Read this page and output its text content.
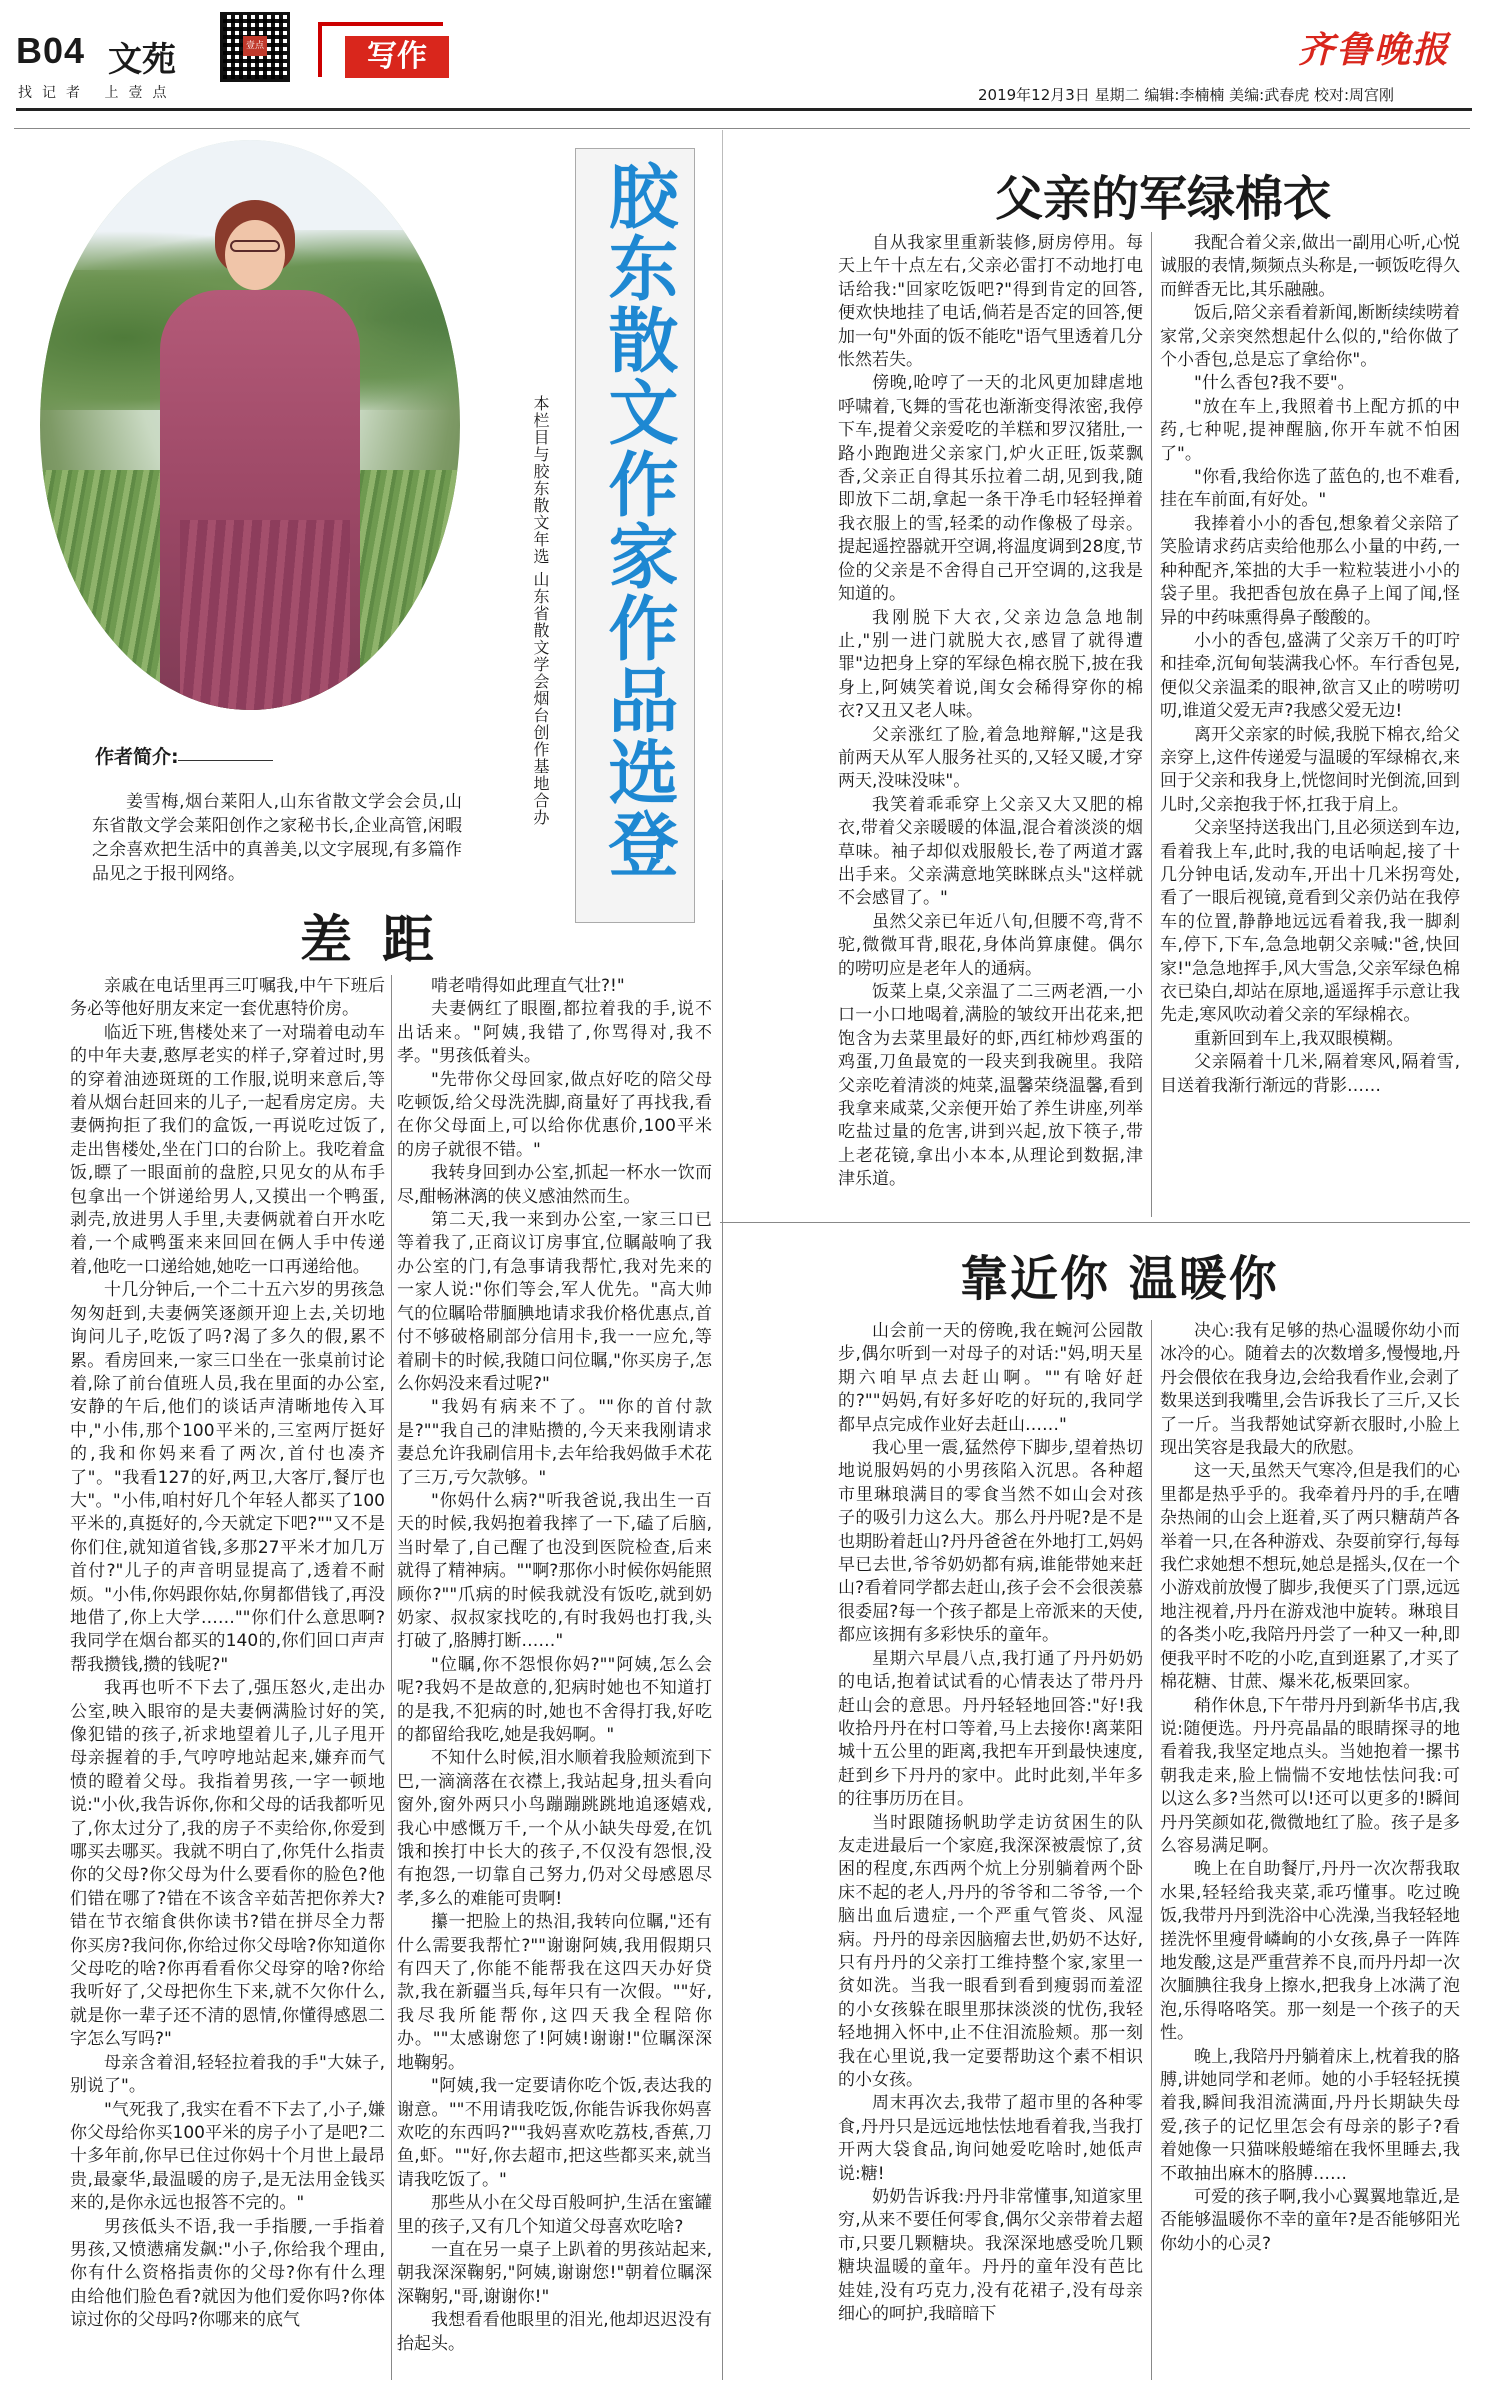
B04 文苑
找记者 上壹点
壹点	写作	齐鲁晚报
2019年12月3日 星期二 编辑:李楠楠 美编:武春虎 校对:周宫刚
作者简介:
姜雪梅,烟台莱阳人,山东省散文学会会员,山东省散文学会莱阳创作之家秘书长,企业高管,闲暇之余喜欢把生活中的真善美,以文字展现,有多篇作品见之于报刊网络。
本栏目与胶东散文年选 山东省散文学会烟台创作基地合办 胶东散文作家作品选登	父亲的军绿棉衣
差距
靠近你 温暖你

自从我家里重新装修,厨房停用。每天上午十点左右,父亲必雷打不动地打电话给我:"回家吃饭吧?"得到肯定的回答,便欢快地挂了电话,倘若是否定的回答,便加一句"外面的饭不能吃"语气里透着几分怅然若失。

傍晚,呛哼了一天的北风更加肆虐地呼啸着,飞舞的雪花也渐渐变得浓密,我停下车,提着父亲爱吃的羊糕和罗汉猪肚,一路小跑跑进父亲家门,炉火正旺,饭菜飘香,父亲正自得其乐拉着二胡,见到我,随即放下二胡,拿起一条干净毛巾轻轻掸着我衣服上的雪,轻柔的动作像极了母亲。提起遥控器就开空调,将温度调到28度,节俭的父亲是不舍得自己开空调的,这我是知道的。

我刚脱下大衣,父亲边急急地制止,"别一进门就脱大衣,感冒了就得遭罪"边把身上穿的军绿色棉衣脱下,披在我身上,阿姨笑着说,闺女会稀得穿你的棉衣?又丑又老人味。

父亲涨红了脸,着急地辩解,"这是我前两天从军人服务社买的,又轻又暖,才穿两天,没味没味"。

我笑着乖乖穿上父亲又大又肥的棉衣,带着父亲暖暖的体温,混合着淡淡的烟草味。袖子却似戏服般长,卷了两道才露出手来。父亲满意地笑眯眯点头"这样就不会感冒了。"

虽然父亲已年近八旬,但腰不弯,背不驼,微微耳背,眼花,身体尚算康健。偶尔的唠叨应是老年人的通病。

饭菜上桌,父亲温了二三两老酒,一小口一小口地喝着,满脸的皱纹开出花来,把饱含为去菜里最好的虾,西红柿炒鸡蛋的鸡蛋,刀鱼最宽的一段夹到我碗里。我陪父亲吃着清淡的炖菜,温馨荣绕温馨,看到我拿来咸菜,父亲便开始了养生讲座,列举吃盐过量的危害,讲到兴起,放下筷子,带上老花镜,拿出小本本,从理论到数据,津津乐道。

我配合着父亲,做出一副用心听,心悦诚服的表情,频频点头称是,一顿饭吃得久而鲜香无比,其乐融融。

饭后,陪父亲看着新闻,断断续续唠着家常,父亲突然想起什么似的,"给你做了个小香包,总是忘了拿给你"。

"什么香包?我不要"。

"放在车上,我照着书上配方抓的中药,七种呢,提神醒脑,你开车就不怕困了"。

"你看,我给你选了蓝色的,也不难看,挂在车前面,有好处。"

我捧着小小的香包,想象着父亲陪了笑脸请求药店卖给他那么小量的中药,一种种配齐,笨拙的大手一粒粒装进小小的袋子里。我把香包放在鼻子上闻了闻,怪异的中药味熏得鼻子酸酸的。

小小的香包,盛满了父亲万千的叮咛和挂牵,沉甸甸装满我心怀。车行香包晃,便似父亲温柔的眼神,欲言又止的唠唠叨叨,谁道父爱无声?我感父爱无边!

离开父亲家的时候,我脱下棉衣,给父亲穿上,这件传递爱与温暖的军绿棉衣,来回于父亲和我身上,恍惚间时光倒流,回到儿时,父亲抱我于怀,扛我于肩上。

父亲坚持送我出门,且必须送到车边,看着我上车,此时,我的电话响起,接了十几分钟电话,发动车,开出十几米拐弯处,看了一眼后视镜,竟看到父亲仍站在我停车的位置,静静地远远看着我,我一脚刹车,停下,下车,急急地朝父亲喊:"爸,快回家!"急急地挥手,风大雪急,父亲军绿色棉衣已染白,却站在原地,遥遥挥手示意让我先走,寒风吹动着父亲的军绿棉衣。

重新回到车上,我双眼模糊。

父亲隔着十几米,隔着寒风,隔着雪,目送着我渐行渐远的背影……

亲戚在电话里再三叮嘱我,中午下班后务必等他好朋友来定一套优惠特价房。

临近下班,售楼处来了一对瑞着电动车的中年夫妻,憨厚老实的样子,穿着过时,男的穿着油迹斑斑的工作服,说明来意后,等着从烟台赶回来的儿子,一起看房定房。夫妻俩拘拒了我们的盒饭,一再说吃过饭了,走出售楼处,坐在门口的台阶上。我吃着盒饭,瞟了一眼面前的盘腔,只见女的从布手包拿出一个饼递给男人,又摸出一个鸭蛋,剥壳,放进男人手里,夫妻俩就着白开水吃着,一个咸鸭蛋来来回回在俩人手中传递着,他吃一口递给她,她吃一口再递给他。

十几分钟后,一个二十五六岁的男孩急匆匆赶到,夫妻俩笑逐颜开迎上去,关切地询问儿子,吃饭了吗?渴了多久的假,累不累。看房回来,一家三口坐在一张桌前讨论着,除了前台值班人员,我在里面的办公室,安静的午后,他们的谈话声清晰地传入耳中,"小伟,那个100平米的,三室两厅挺好的,我和你妈来看了两次,首付也凑齐了"。"我看127的好,两卫,大客厅,餐厅也大"。"小伟,咱村好几个年轻人都买了100平米的,真挺好的,今天就定下吧?""又不是你们住,就知道省钱,多那27平米才加几万首付?"儿子的声音明显提高了,透着不耐烦。"小伟,你妈跟你姑,你舅都借钱了,再没地借了,你上大学……""你们什么意思啊?我同学在烟台都买的140的,你们回口声声帮我攒钱,攒的钱呢?"

我再也听不下去了,强压怒火,走出办公室,映入眼帘的是夫妻俩满脸讨好的笑,像犯错的孩子,祈求地望着儿子,儿子甩开母亲握着的手,气哼哼地站起来,嫌弃而气愤的瞪着父母。我指着男孩,一字一顿地说:"小伙,我告诉你,你和父母的话我都听见了,你太过分了,我的房子不卖给你,你爱到哪买去哪买。我就不明白了,你凭什么指责你的父母?你父母为什么要看你的脸色?他们错在哪了?错在不该含辛茹苦把你养大?错在节衣缩食供你读书?错在拼尽全力帮你买房?我问你,你给过你父母啥?你知道你父母吃的啥?你再看看你父母穿的啥?你给我听好了,父母把你生下来,就不欠你什么,就是你一辈子还不清的恩情,你懂得感恩二字怎么写吗?"

母亲含着泪,轻轻拉着我的手"大妹子,别说了"。

"气死我了,我实在看不下去了,小子,嫌你父母给你买100平米的房子小了是吧?二十多年前,你早已住过你妈十个月世上最昂贵,最豪华,最温暖的房子,是无法用金钱买来的,是你永远也报答不完的。"

男孩低头不语,我一手指腰,一手指着男孩,又愤懑痛发飙:"小子,你给我个理由,你有什么资格指责你的父母?你有什么理由给他们脸色看?就因为他们爱你吗?你体谅过你的父母吗?你哪来的底气

啃老啃得如此理直气壮?!"

夫妻俩红了眼圈,都拉着我的手,说不出话来。"阿姨,我错了,你骂得对,我不孝。"男孩低着头。

"先带你父母回家,做点好吃的陪父母吃顿饭,给父母洗洗脚,商量好了再找我,看在你父母面上,可以给你优惠价,100平米的房子就很不错。"

我转身回到办公室,抓起一杯水一饮而尽,酣畅淋漓的侠义感油然而生。

第二天,我一来到办公室,一家三口已等着我了,正商议订房事宜,位瞩敲响了我办公室的门,有急事请我帮忙,我对先来的一家人说:"你们等会,军人优先。"高大帅气的位瞩哈带腼腆地请求我价格优惠点,首付不够破格刷部分信用卡,我一一应允,等着刷卡的时候,我随口问位瞩,"你买房子,怎么你妈没来看过呢?"

"我妈有病来不了。""你的首付款是?""我自己的津贴攒的,今天来我刚请求妻总允许我刷信用卡,去年给我妈做手术花了三万,亏欠款够。"

"你妈什么病?"听我爸说,我出生一百天的时候,我妈抱着我摔了一下,磕了后脑,当时晕了,自己醒了也没到医院检查,后来就得了精神病。""啊?那你小时候你妈能照顾你?""爪病的时候我就没有饭吃,就到奶奶家、叔叔家找吃的,有时我妈也打我,头打破了,胳膊打断……"

"位瞩,你不怨恨你妈?""阿姨,怎么会呢?我妈不是故意的,犯病时她也不知道打的是我,不犯病的时,她也不舍得打我,好吃的都留给我吃,她是我妈啊。"

不知什么时候,泪水顺着我脸颊流到下巴,一滴滴落在衣襟上,我站起身,扭头看向窗外,窗外两只小鸟蹦蹦跳跳地追逐嬉戏,我心中感慨万千,一个从小缺失母爱,在饥饿和挨打中长大的孩子,不仅没有怨恨,没有抱怨,一切靠自己努力,仍对父母感恩尽孝,多么的难能可贵啊!

攥一把脸上的热泪,我转向位瞩,"还有什么需要我帮忙?""谢谢阿姨,我用假期只有四天了,你能不能帮我在这四天办好贷款,我在新疆当兵,每年只有一次假。""好,我尽我所能帮你,这四天我全程陪你办。""太感谢您了!阿姨!谢谢!"位瞩深深地鞠躬。

"阿姨,我一定要请你吃个饭,表达我的谢意。""不用请我吃饭,你能告诉我你妈喜欢吃的东西吗?""我妈喜欢吃荔枝,香蕉,刀鱼,虾。""好,你去超市,把这些都买来,就当请我吃饭了。"

那些从小在父母百般呵护,生活在蜜罐里的孩子,又有几个知道父母喜欢吃啥?

一直在另一桌子上趴着的男孩站起来,朝我深深鞠躬,"阿姨,谢谢您!"朝着位瞩深深鞠躬,"哥,谢谢你!"

我想看看他眼里的泪光,他却迟迟没有抬起头。

山会前一天的傍晚,我在蜿河公园散步,偶尔听到一对母子的对话:"妈,明天星期六咱早点去赶山啊。""有啥好赶的?""妈妈,有好多好吃的好玩的,我同学都早点完成作业好去赶山……"

我心里一震,猛然停下脚步,望着热切地说服妈妈的小男孩陷入沉思。各种超市里琳琅满目的零食当然不如山会对孩子的吸引力这么大。那么丹丹呢?是不是也期盼着赶山?丹丹爸爸在外地打工,妈妈早已去世,爷爷奶奶都有病,谁能带她来赶山?看着同学都去赶山,孩子会不会很羡慕很委屈?每一个孩子都是上帝派来的天使,都应该拥有多彩快乐的童年。

星期六早晨八点,我打通了丹丹奶奶的电话,抱着试试看的心情表达了带丹丹赶山会的意思。丹丹轻轻地回答:"好!我收拾丹丹在村口等着,马上去接你!离莱阳城十五公里的距离,我把车开到最快速度,赶到乡下丹丹的家中。此时此刻,半年多的往事历历在目。

当时跟随扬帆助学走访贫困生的队友走进最后一个家庭,我深深被震惊了,贫困的程度,东西两个炕上分别躺着两个卧床不起的老人,丹丹的爷爷和二爷爷,一个脑出血后遗症,一个严重气管炎、风湿病。丹丹的母亲因脑瘤去世,奶奶不达好,只有丹丹的父亲打工维持整个家,家里一贫如洗。当我一眼看到看到瘦弱而羞涩的小女孩躲在眼里那抹淡淡的忧伤,我轻轻地拥入怀中,止不住泪流脸颊。那一刻我在心里说,我一定要帮助这个素不相识的小女孩。

周末再次去,我带了超市里的各种零食,丹丹只是远远地怯怯地看着我,当我打开两大袋食品,询问她爱吃啥时,她低声说:糖!

奶奶告诉我:丹丹非常懂事,知道家里穷,从来不要任何零食,偶尔父亲带着去超市,只要几颗糖块。我深深地感受吮几颗糖块温暖的童年。丹丹的童年没有芭比娃娃,没有巧克力,没有花裙子,没有母亲细心的呵护,我暗暗下

决心:我有足够的热心温暖你幼小而冰冷的心。随着去的次数增多,慢慢地,丹丹会偎依在我身边,会给我看作业,会剥了数果送到我嘴里,会告诉我长了三斤,又长了一斤。当我帮她试穿新衣服时,小脸上现出笑容是我最大的欣慰。

这一天,虽然天气寒冷,但是我们的心里都是热乎乎的。我牵着丹丹的手,在嘈杂热闹的山会上逛着,买了两只糖葫芦各举着一只,在各种游戏、杂耍前穿行,每每我伫求她想不想玩,她总是摇头,仅在一个小游戏前放慢了脚步,我便买了门票,远远地注视着,丹丹在游戏池中旋转。琳琅目的各类小吃,我陪丹丹尝了一种又一种,即便我平时不吃的小吃,直到逛累了,才买了棉花糖、甘蔗、爆米花,板栗回家。

稍作休息,下午带丹丹到新华书店,我说:随便选。丹丹亮晶晶的眼睛探寻的地看着我,我坚定地点头。当她抱着一摞书朝我走来,脸上惴惴不安地怯怯问我:可以这么多?当然可以!还可以更多的!瞬间丹丹笑颜如花,微微地红了脸。孩子是多么容易满足啊。

晚上在自助餐厅,丹丹一次次帮我取水果,轻轻给我夹菜,乖巧懂事。吃过晚饭,我带丹丹到洗浴中心洗澡,当我轻轻地搓洗怀里瘦骨嶙峋的小女孩,鼻子一阵阵地发酸,这是严重营养不良,而丹丹却一次次腼腆往我身上擦水,把我身上冰满了泡泡,乐得咯咯笑。那一刻是一个孩子的天性。

晚上,我陪丹丹躺着床上,枕着我的胳膊,讲她同学和老师。她的小手轻轻抚摸着我,瞬间我泪流满面,丹丹长期缺失母爱,孩子的记忆里怎会有母亲的影子?看着她像一只猫咪般蜷缩在我怀里睡去,我不敢抽出麻木的胳膊……

可爱的孩子啊,我小心翼翼地靠近,是否能够温暖你不幸的童年?是否能够阳光你幼小的心灵?
